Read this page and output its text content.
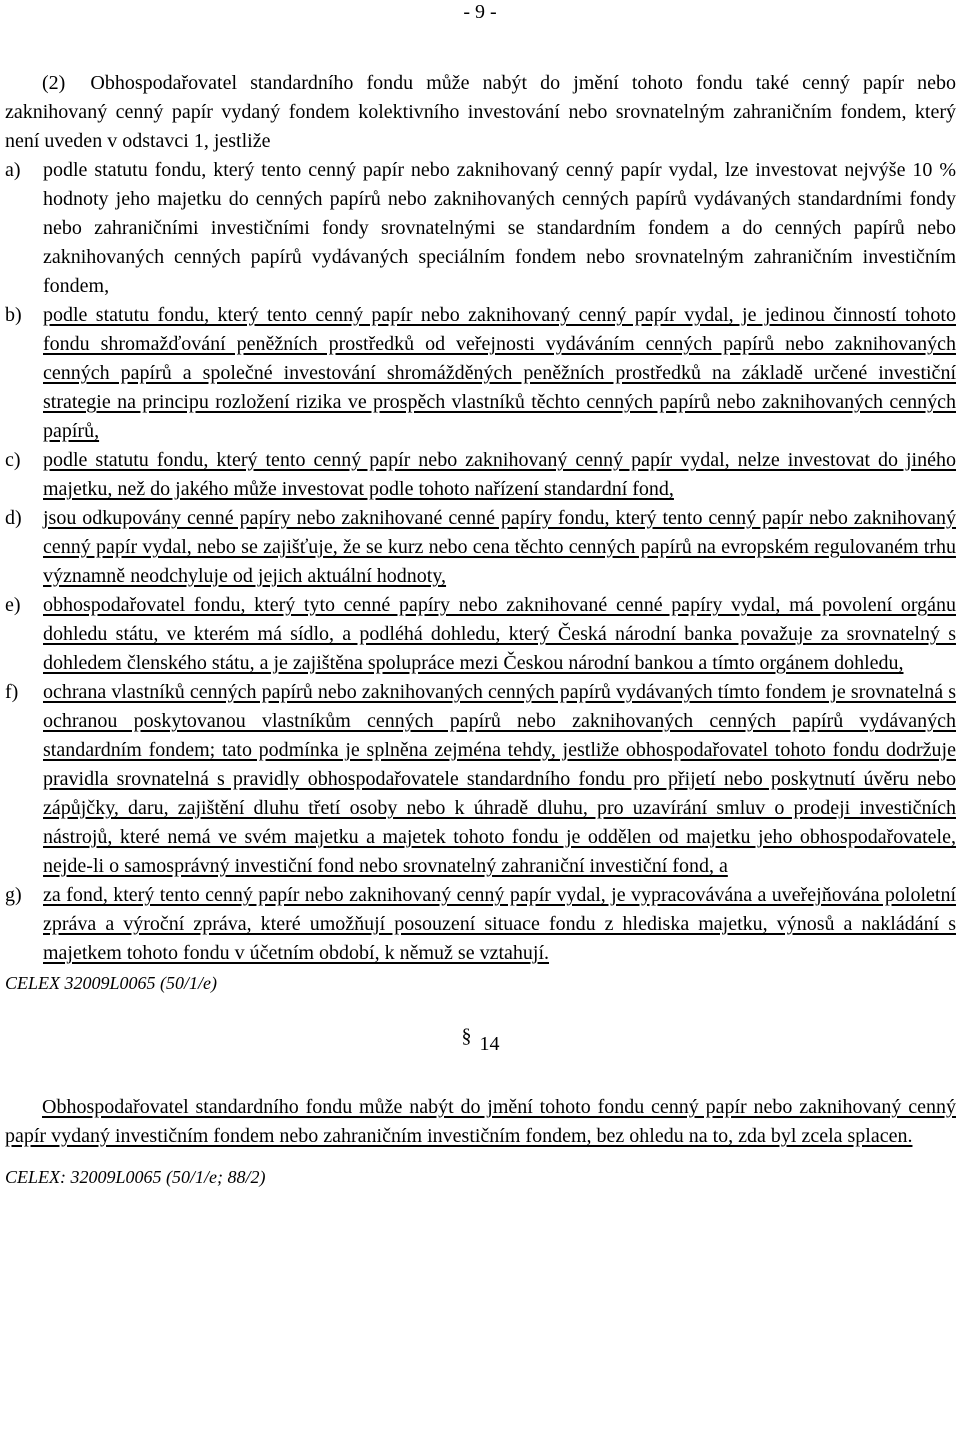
- 9 -
(2) Obhospodařovatel standardního fondu může nabýt do jmění tohoto fondu také cenný papír nebo zaknihovaný cenný papír vydaný fondem kolektivního investování nebo srovnatelným zahraničním fondem, který není uveden v odstavci 1, jestliže
a) podle statutu fondu, který tento cenný papír nebo zaknihovaný cenný papír vydal, lze investovat nejvýše 10 % hodnoty jeho majetku do cenných papírů nebo zaknihovaných cenných papírů vydávaných standardními fondy nebo zahraničními investičními fondy srovnatelnými se standardním fondem a do cenných papírů nebo zaknihovaných cenných papírů vydávaných speciálním fondem nebo srovnatelným zahraničním investičním fondem,
b) podle statutu fondu, který tento cenný papír nebo zaknihovaný cenný papír vydal, je jedinou činností tohoto fondu shromažďování peněžních prostředků od veřejnosti vydáváním cenných papírů nebo zaknihovaných cenných papírů a společné investování shromážděných peněžních prostředků na základě určené investiční strategie na principu rozložení rizika ve prospěch vlastníků těchto cenných papírů nebo zaknihovaných cenných papírů,
c) podle statutu fondu, který tento cenný papír nebo zaknihovaný cenný papír vydal, nelze investovat do jiného majetku, než do jakého může investovat podle tohoto nařízení standardní fond,
d) jsou odkupovány cenné papíry nebo zaknihované cenné papíry fondu, který tento cenný papír nebo zaknihovaný cenný papír vydal, nebo se zajišťuje, že se kurz nebo cena těchto cenných papírů na evropském regulovaném trhu významně neodchyluje od jejich aktuální hodnoty,
e) obhospodařovatel fondu, který tyto cenné papíry nebo zaknihované cenné papíry vydal, má povolení orgánu dohledu státu, ve kterém má sídlo, a podléhá dohledu, který Česká národní banka považuje za srovnatelný s dohledem členského státu, a je zajištěna spolupráce mezi Českou národní bankou a tímto orgánem dohledu,
f) ochrana vlastníků cenných papírů nebo zaknihovaných cenných papírů vydávaných tímto fondem je srovnatelná s ochranou poskytovanou vlastníkům cenných papírů nebo zaknihovaných cenných papírů vydávaných standardním fondem; tato podmínka je splněna zejména tehdy, jestliže obhospodařovatel tohoto fondu dodržuje pravidla srovnatelná s pravidly obhospodařovatele standardního fondu pro přijetí nebo poskytnutí úvěru nebo zápůjčky, daru, zajištění dluhu třetí osoby nebo k úhradě dluhu, pro uzavírání smluv o prodeji investičních nástrojů, které nemá ve svém majetku a majetek tohoto fondu je oddělen od majetku jeho obhospodařovatele, nejde-li o samosprávný investiční fond nebo srovnatelný zahraniční investiční fond, a
g) za fond, který tento cenný papír nebo zaknihovaný cenný papír vydal, je vypracovávána a uveřejňována pololetní zpráva a výroční zpráva, které umožňují posouzení situace fondu z hlediska majetku, výnosů a nakládání s majetkem tohoto fondu v účetním období, k němuž se vztahují.
CELEX 32009L0065 (50/1/e)
§ 14
Obhospodařovatel standardního fondu může nabýt do jmění tohoto fondu cenný papír nebo zaknihovaný cenný papír vydaný investičním fondem nebo zahraničním investičním fondem, bez ohledu na to, zda byl zcela splacen.
CELEX: 32009L0065 (50/1/e; 88/2)
